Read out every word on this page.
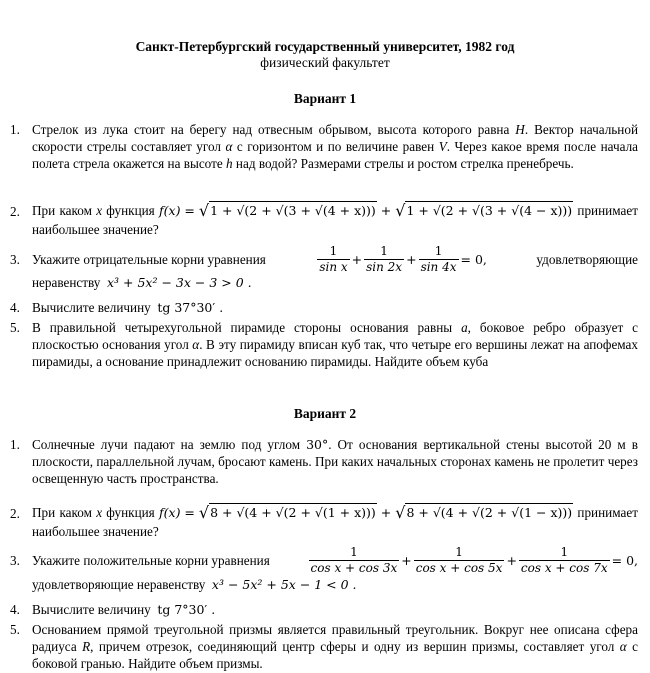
Санкт-Петербургский государственный университет, 1982 год
физический факультет
Вариант 1
1. Стрелок из лука стоит на берегу над отвесным обрывом, высота которого равна H. Вектор начальной скорости стрелы составляет угол α с горизонтом и по величине равен V. Через какое время после начала полета стрела окажется на высоте h над водой? Размерами стрелы и ростом стрелка пренебречь.
2. При каком x функция f(x) =
√ 1 + √(2 + √(3 + √(4 + x)))
+
√ 1 + √(2 + √(3 + √(4 − x))) принимает
наибольшее значение?
3. Укажите отрицательные корни уравнения	$\frac{1}{\text{sin x}} + \frac{1}{\sin 2x} + \frac{1}{\sin 4x} = 0$,	удовлетворяющие
неравенству x³ + 5x² − 3x − 3 > 0 .
4. Вычислите величину tg 37°30′ .
5. В правильной четырехугольной пирамиде стороны основания равны a, боковое ребро образует с плоскостью основания угол α. В эту пирамиду вписан куб так, что четыре его вершины лежат на апофемах пирамиды, а основание принадлежит основанию пирамиды. Найдите объем куба
Вариант 2
1. Солнечные лучи падают на землю под углом 30°. От основания вертикальной стены высотой 20 м в плоскости, параллельной лучам, бросают камень. При каких начальных сторонах камень не пролетит через освещенную часть пространства.
2. При каком x функция f(x) =
√ 8 + √(4 + √(2 + √(1 + x)))
+
√ 8 + √(4 + √(2 + √(1 − x))) принимает
наибольшее значение?
3. Укажите положительные корни уравнения	$\frac{1}{\text{cos x + cos 3x}} + \frac{1}{\text{cos x + cos 5x}} + \frac{1}{\text{cos x + cos 7x}} = 0$,
удовлетворяющие неравенству x³ − 5x² + 5x − 1 < 0 .
4. Вычислите величину tg 7°30′ .
5. Основанием прямой треугольной призмы является правильный треугольник. Вокруг нее описана сфера радиуса R, причем отрезок, соединяющий центр сферы и одну из вершин призмы, составляет угол α с боковой гранью. Найдите объем призмы.
